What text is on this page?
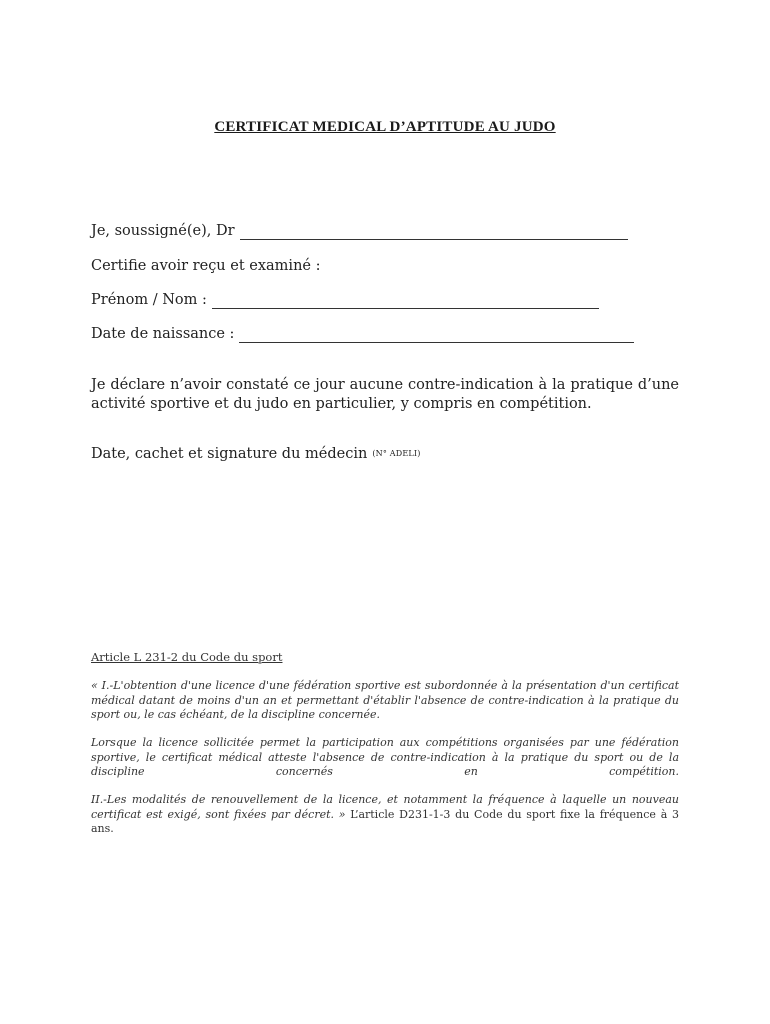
CERTIFICAT MEDICAL D’APTITUDE AU JUDO
Je, soussigné(e), Dr
Certifie avoir reçu et examiné :
Prénom / Nom :
Date de naissance :
Je déclare n’avoir constaté ce jour aucune contre-indication à la pratique d’une activité sportive et du judo en particulier, y compris en compétition.
Date, cachet et signature du médecin (N° ADELI)
Article L 231-2 du Code du sport
« I.-L'obtention d'une licence d'une fédération sportive est subordonnée à la présentation d'un certificat médical datant de moins d'un an et permettant d'établir l'absence de contre-indication à la pratique du sport ou, le cas échéant, de la discipline concernée.
Lorsque la licence sollicitée permet la participation aux compétitions organisées par une fédération sportive, le certificat médical atteste l'absence de contre-indication à la pratique du sport ou de la discipline concernés en compétition.
II.-Les modalités de renouvellement de la licence, et notamment la fréquence à laquelle un nouveau certificat est exigé, sont fixées par décret. » L’article D231-1-3 du Code du sport fixe la fréquence à 3 ans.
